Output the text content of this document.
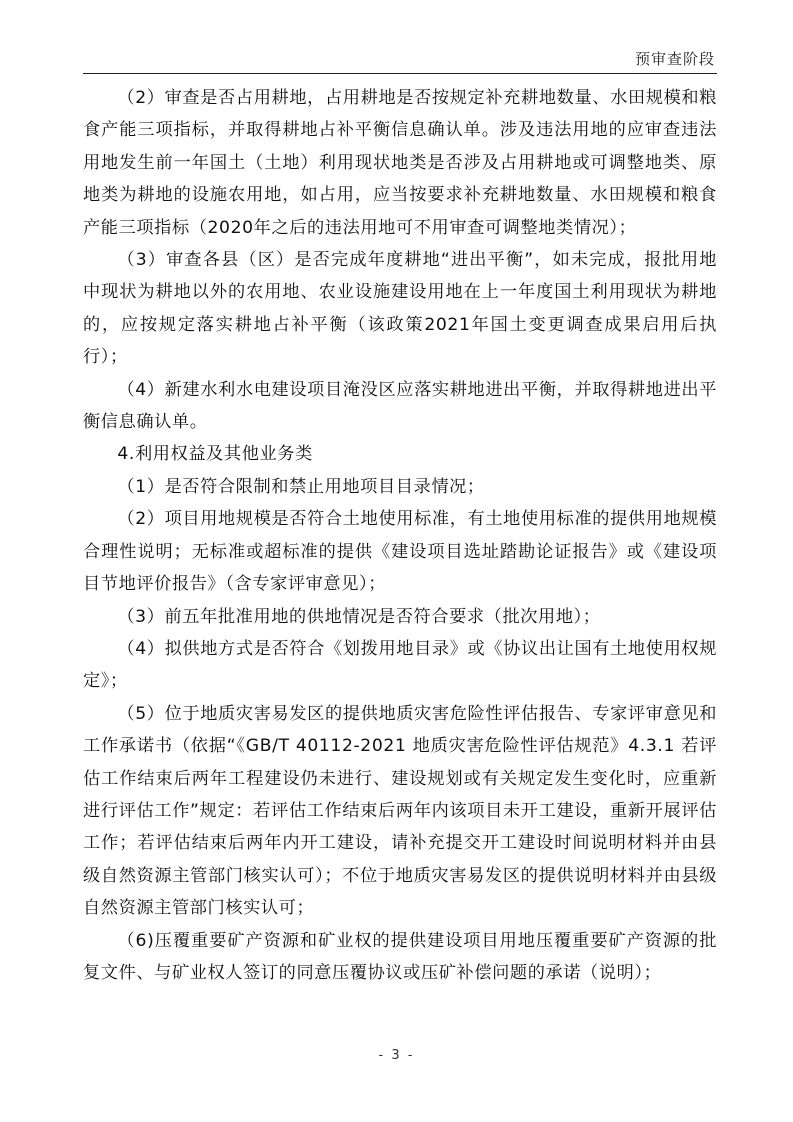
预审查阶段

（2）审查是否占用耕地，占用耕地是否按规定补充耕地数量、水田规模和粮食产能三项指标，并取得耕地占补平衡信息确认单。涉及违法用地的应审查违法用地发生前一年国土（土地）利用现状地类是否涉及占用耕地或可调整地类、原地类为耕地的设施农用地，如占用，应当按要求补充耕地数量、水田规模和粮食产能三项指标（2020年之后的违法用地可不用审查可调整地类情况）；

（3）审查各县（区）是否完成年度耕地“进出平衡”，如未完成，报批用地中现状为耕地以外的农用地、农业设施建设用地在上一年度国土利用现状为耕地的，应按规定落实耕地占补平衡（该政策2021年国土变更调查成果启用后执行）；

（4）新建水利水电建设项目淹没区应落实耕地进出平衡，并取得耕地进出平衡信息确认单。

4.利用权益及其他业务类

（1）是否符合限制和禁止用地项目目录情况；

（2）项目用地规模是否符合土地使用标准，有土地使用标准的提供用地规模合理性说明；无标准或超标准的提供《建设项目选址踏勘论证报告》或《建设项目节地评价报告》（含专家评审意见）；

（3）前五年批准用地的供地情况是否符合要求（批次用地）；

（4）拟供地方式是否符合《划拨用地目录》或《协议出让国有土地使用权规定》；

（5）位于地质灾害易发区的提供地质灾害危险性评估报告、专家评审意见和工作承诺书（依据“《GB/T 40112-2021 地质灾害危险性评估规范》4.3.1 若评估工作结束后两年工程建设仍未进行、建设规划或有关规定发生变化时，应重新进行评估工作”规定：若评估工作结束后两年内该项目未开工建设，重新开展评估工作；若评估结束后两年内开工建设，请补充提交开工建设时间说明材料并由县级自然资源主管部门核实认可）；不位于地质灾害易发区的提供说明材料并由县级自然资源主管部门核实认可；

（6)压覆重要矿产资源和矿业权的提供建设项目用地压覆重要矿产资源的批复文件、与矿业权人签订的同意压覆协议或压矿补偿问题的承诺（说明）；

- 3 -
